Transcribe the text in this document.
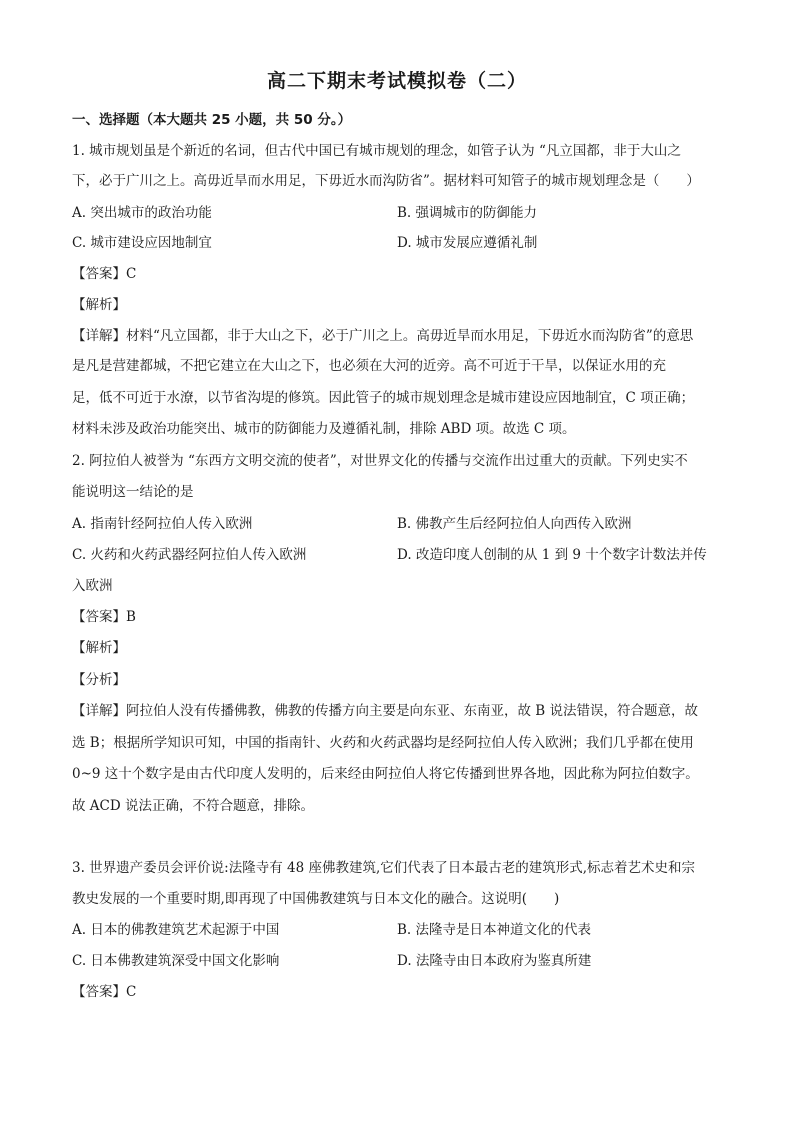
高二下期末考试模拟卷（二）
一、选择题（本大题共 25 小题，共 50 分。）
1. 城市规划虽是个新近的名词，但古代中国已有城市规划的理念，如管子认为 “凡立国都，非于大山之
下，必于广川之上。高毋近旱而水用足，下毋近水而沟防省”。据材料可知管子的城市规划理念是（　　）
A. 突出城市的政治功能	B. 强调城市的防御能力
C. 城市建设应因地制宜	D. 城市发展应遵循礼制
【答案】C
【解析】
【详解】材料“凡立国都，非于大山之下，必于广川之上。高毋近旱而水用足，下毋近水而沟防省”的意思
是凡是营建都城，不把它建立在大山之下，也必须在大河的近旁。高不可近于干旱，以保证水用的充
足，低不可近于水潦，以节省沟堤的修筑。因此管子的城市规划理念是城市建设应因地制宜，C 项正确；
材料未涉及政治功能突出、城市的防御能力及遵循礼制，排除 ABD 项。故选 C 项。
2. 阿拉伯人被誉为 “东西方文明交流的使者”，对世界文化的传播与交流作出过重大的贡献。下列史实不
能说明这一结论的是
A. 指南针经阿拉伯人传入欧洲	B. 佛教产生后经阿拉伯人向西传入欧洲
C. 火药和火药武器经阿拉伯人传入欧洲	D. 改造印度人创制的从 1 到 9 十个数字计数法并传
入欧洲
【答案】B
【解析】
【分析】
【详解】阿拉伯人没有传播佛教，佛教的传播方向主要是向东亚、东南亚，故 B 说法错误，符合题意，故
选 B；根据所学知识可知，中国的指南针、火药和火药武器均是经阿拉伯人传入欧洲；我们几乎都在使用
0~9 这十个数字是由古代印度人发明的，后来经由阿拉伯人将它传播到世界各地，因此称为阿拉伯数字。
故 ACD 说法正确，不符合题意，排除。
3. 世界遗产委员会评价说:法隆寺有 48 座佛教建筑,它们代表了日本最古老的建筑形式,标志着艺术史和宗
教史发展的一个重要时期,即再现了中国佛教建筑与日本文化的融合。这说明(　　)
A. 日本的佛教建筑艺术起源于中国	B. 法隆寺是日本神道文化的代表
C. 日本佛教建筑深受中国文化影响	D. 法隆寺由日本政府为鉴真所建
【答案】C
